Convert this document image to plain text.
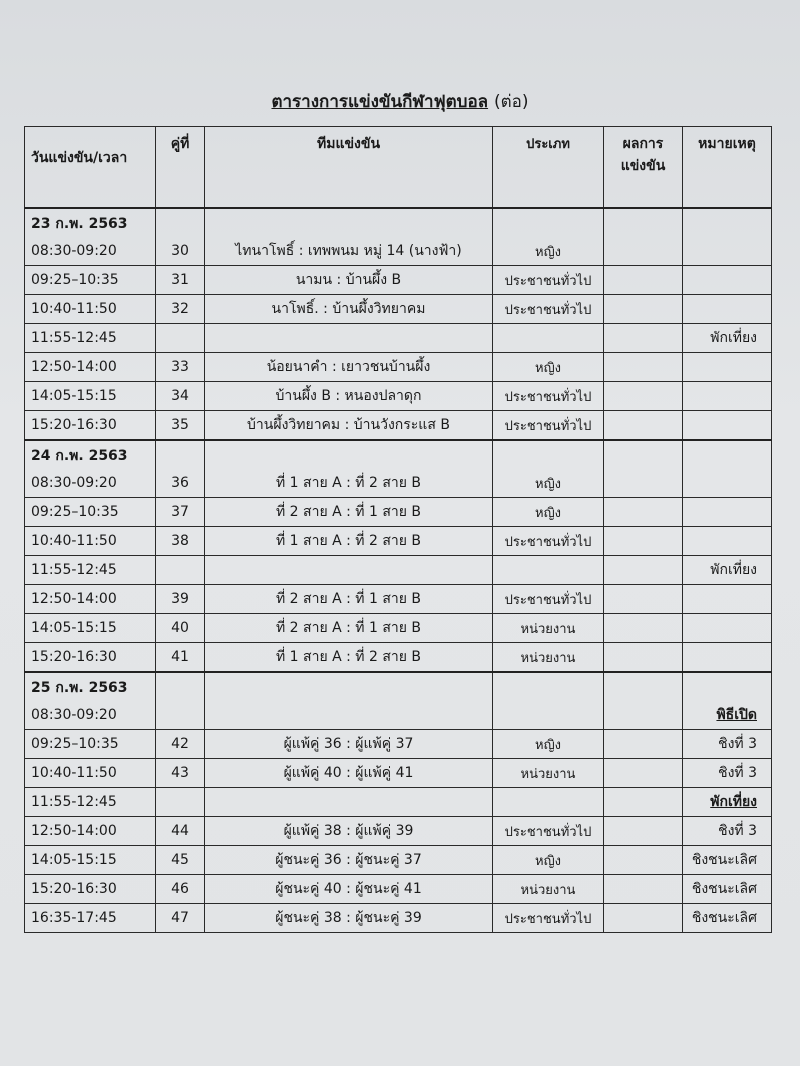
ตารางการแข่งขันกีฬาฟุตบอล (ต่อ)
วันแข่งขัน/เวลา	คู่ที่	ทีมแข่งขัน	ประเภท	ผลการแข่งขัน	หมายเหตุ
23 ก.พ. 2563					
08:30-09:20	30	ไทนาโพธิ์ : เทพพนม หมู่ 14 (นางฟ้า)	หญิง		
09:25–10:35	31	นามน : บ้านผึ้ง B	ประชาชนทั่วไป		
10:40-11:50	32	นาโพธิ์. : บ้านผึ้งวิทยาคม	ประชาชนทั่วไป		
11:55-12:45					พักเที่ยง
12:50-14:00	33	น้อยนาคำ : เยาวชนบ้านผึ้ง	หญิง		
14:05-15:15	34	บ้านผึ้ง B : หนองปลาดุก	ประชาชนทั่วไป		
15:20-16:30	35	บ้านผึ้งวิทยาคม : บ้านวังกระแส B	ประชาชนทั่วไป		
24 ก.พ. 2563					
08:30-09:20	36	ที่ 1 สาย A : ที่ 2 สาย B	หญิง		
09:25–10:35	37	ที่ 2 สาย A : ที่ 1 สาย B	หญิง		
10:40-11:50	38	ที่ 1 สาย A : ที่ 2 สาย B	ประชาชนทั่วไป		
11:55-12:45					พักเที่ยง
12:50-14:00	39	ที่ 2 สาย A : ที่ 1 สาย B	ประชาชนทั่วไป		
14:05-15:15	40	ที่ 2 สาย A : ที่ 1 สาย B	หน่วยงาน		
15:20-16:30	41	ที่ 1 สาย A : ที่ 2 สาย B	หน่วยงาน		
25 ก.พ. 2563					
08:30-09:20					พิธีเปิด
09:25–10:35	42	ผู้แพ้คู่ 36 : ผู้แพ้คู่ 37	หญิง		ชิงที่ 3
10:40-11:50	43	ผู้แพ้คู่ 40 : ผู้แพ้คู่ 41	หน่วยงาน		ชิงที่ 3
11:55-12:45					พักเที่ยง
12:50-14:00	44	ผู้แพ้คู่ 38 : ผู้แพ้คู่ 39	ประชาชนทั่วไป		ชิงที่ 3
14:05-15:15	45	ผู้ชนะคู่ 36 : ผู้ชนะคู่ 37	หญิง		ชิงชนะเลิศ
15:20-16:30	46	ผู้ชนะคู่ 40 : ผู้ชนะคู่ 41	หน่วยงาน		ชิงชนะเลิศ
16:35-17:45	47	ผู้ชนะคู่ 38 : ผู้ชนะคู่ 39	ประชาชนทั่วไป		ชิงชนะเลิศ
